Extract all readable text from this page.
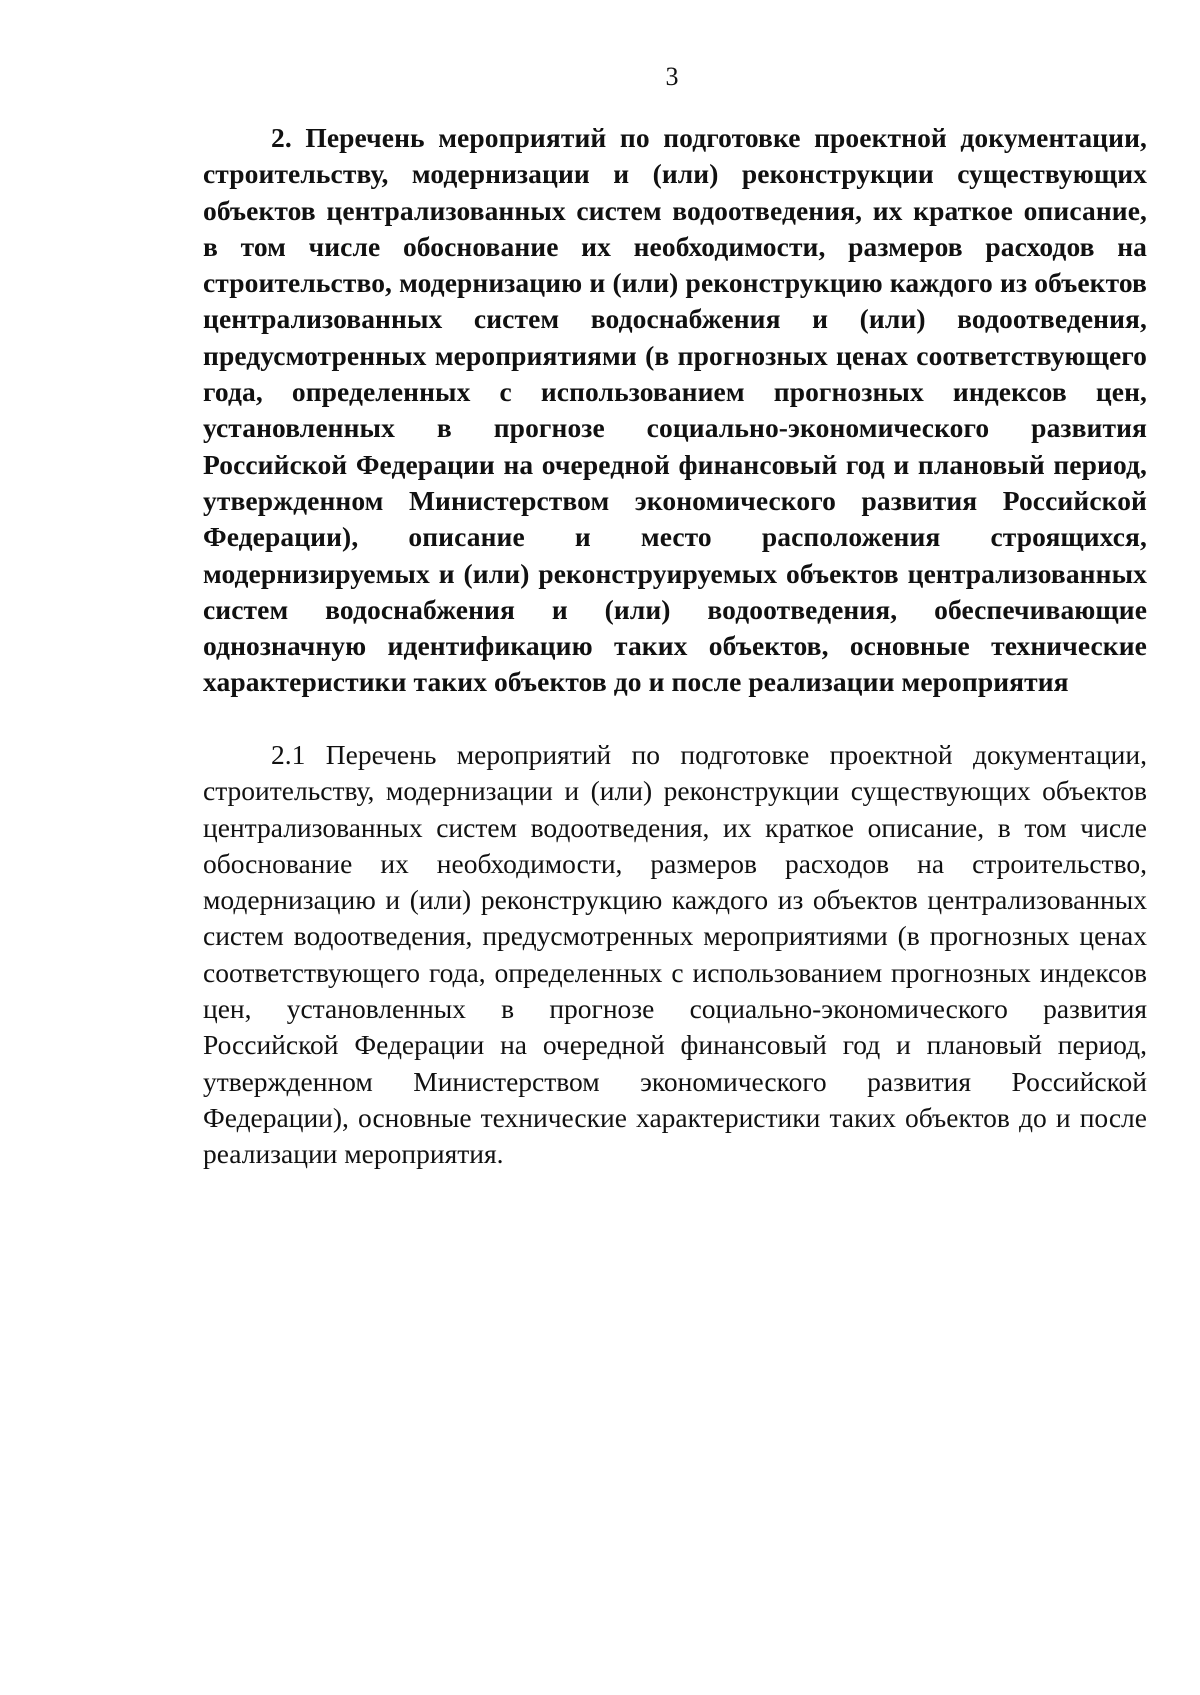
3

2. Перечень мероприятий по подготовке проектной документации, строительству, модернизации и (или) реконструкции существующих объектов централизованных систем водоотведения, их краткое описание, в том числе обоснование их необходимости, размеров расходов на строительство, модернизацию и (или) реконструкцию каждого из объектов централизованных систем водоснабжения и (или) водоотведения, предусмотренных мероприятиями (в прогнозных ценах соответствующего года, определенных с использованием прогнозных индексов цен, установленных в прогнозе социально-экономического развития Российской Федерации на очередной финансовый год и плановый период, утвержденном Министерством экономического развития Российской Федерации), описание и место расположения строящихся, модернизируемых и (или) реконструируемых объектов централизованных систем водоснабжения и (или) водоотведения, обеспечивающие однозначную идентификацию таких объектов, основные технические характеристики таких объектов до и после реализации мероприятия

2.1 Перечень мероприятий по подготовке проектной документации, строительству, модернизации и (или) реконструкции существующих объектов централизованных систем водоотведения, их краткое описание, в том числе обоснование их необходимости, размеров расходов на строительство, модернизацию и (или) реконструкцию каждого из объектов централизованных систем водоотведения, предусмотренных мероприятиями (в прогнозных ценах соответствующего года, определенных с использованием прогнозных индексов цен, установленных в прогнозе социально-экономического развития Российской Федерации на очередной финансовый год и плановый период, утвержденном Министерством экономического развития Российской Федерации), основные технические характеристики таких объектов до и после реализации мероприятия.
